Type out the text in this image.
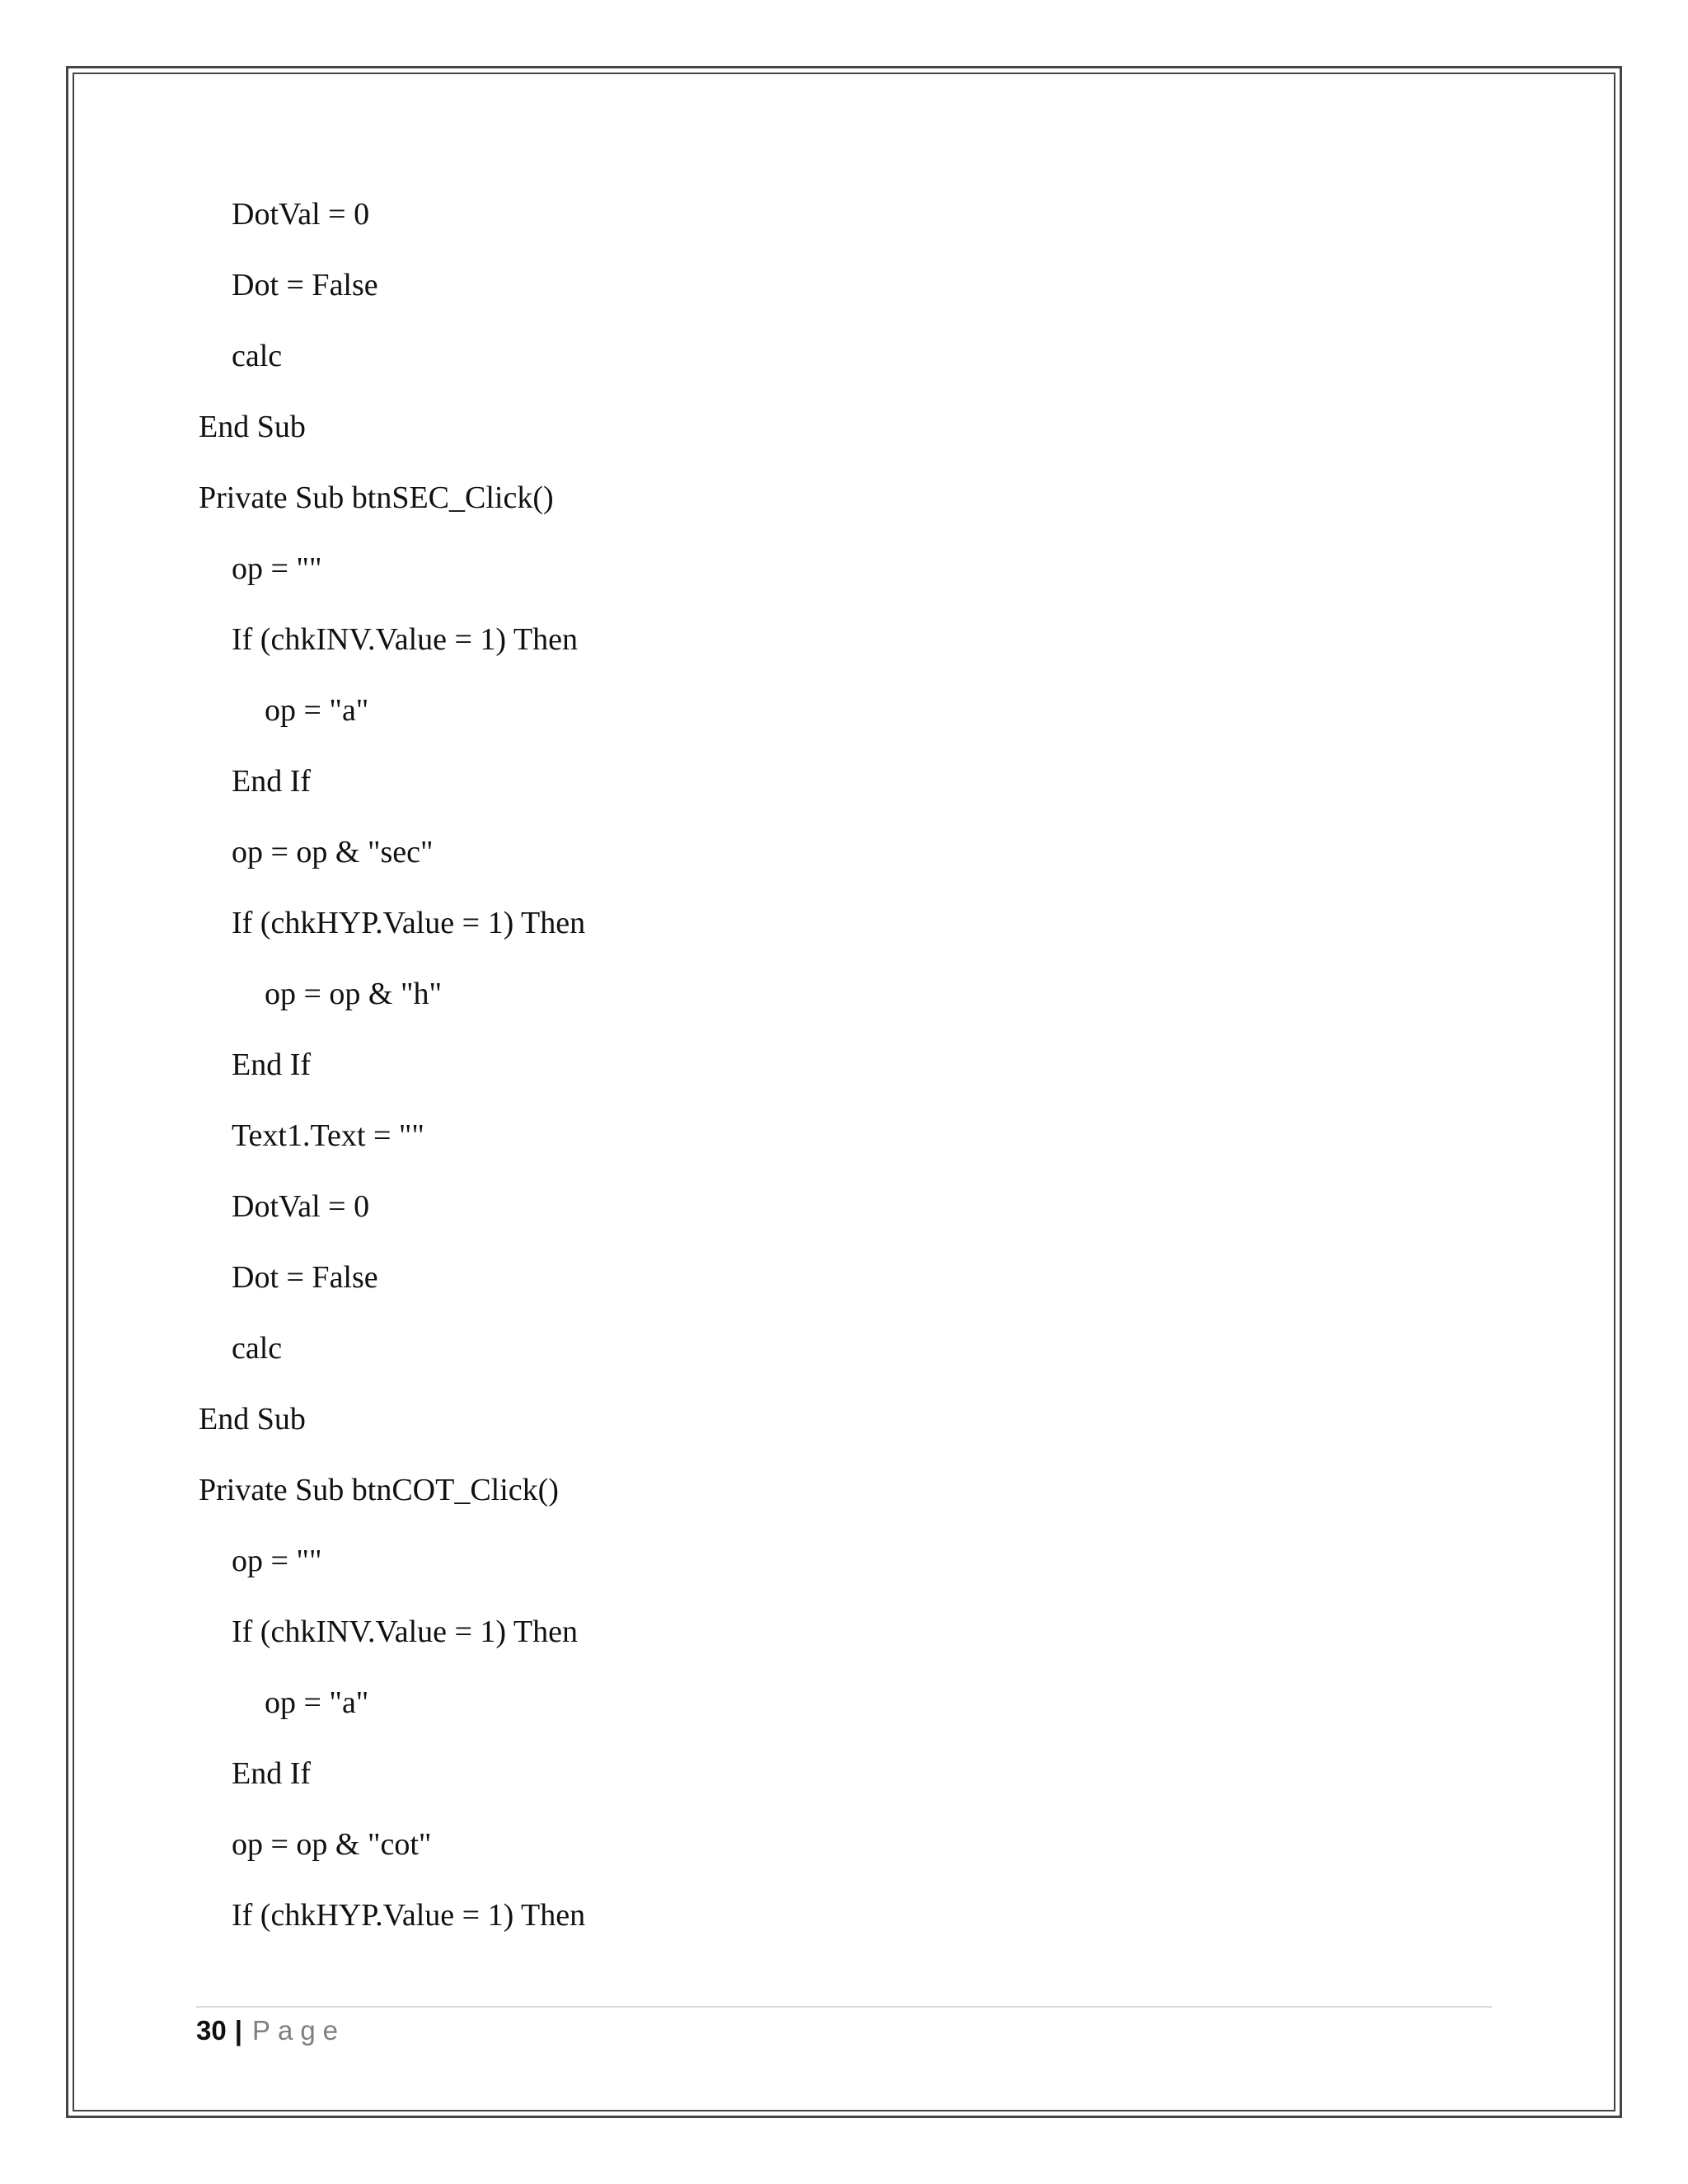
DotVal = 0
Dot = False
calc
End Sub
Private Sub btnSEC_Click()
op = ""
If (chkINV.Value = 1) Then
op = "a"
End If
op = op & "sec"
If (chkHYP.Value = 1) Then
op = op & "h"
End If
Text1.Text = ""
DotVal = 0
Dot = False
calc
End Sub
Private Sub btnCOT_Click()
op = ""
If (chkINV.Value = 1) Then
op = "a"
End If
op = op & "cot"
If (chkHYP.Value = 1) Then
30 | Page
